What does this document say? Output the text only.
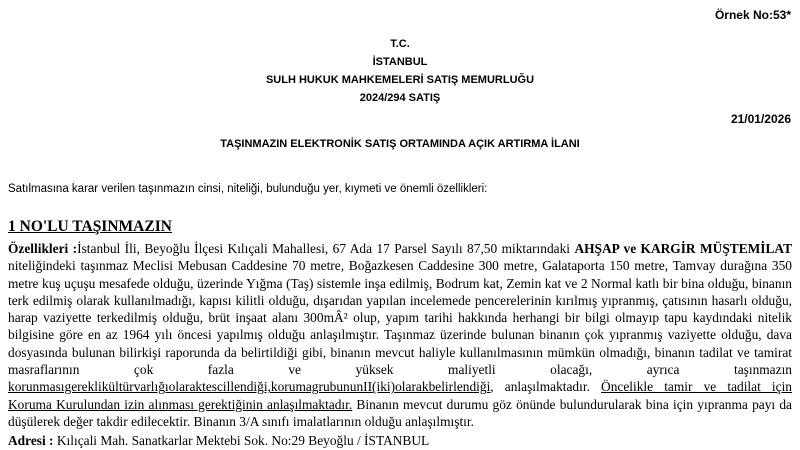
Örnek No:53*
T.C.
İSTANBUL
SULH HUKUK MAHKEMELERİ SATIŞ MEMURLUĞU
2024/294 SATIŞ
21/01/2026
TAŞINMAZIN ELEKTRONİK SATIŞ ORTAMINDA AÇIK ARTIRMA İLANI
Satılmasına karar verilen taşınmazın cinsi, niteliği, bulunduğu yer, kıymeti ve önemli özellikleri:
1 NO'LU TAŞINMAZIN

Özellikleri :İstanbul İli, Beyoğlu İlçesi Kılıçali Mahallesi, 67 Ada 17 Parsel Sayılı 87,50 miktarındaki AHŞAP ve KARGİR MÜŞTEMİLAT niteliğindeki taşınmaz Meclisi Mebusan Caddesine 70 metre, Boğazkesen Caddesine 300 metre, Galataporta 150 metre, Tamvay durağına 350 metre kuş uçuşu mesafede olduğu, üzerinde Yığma (Taş) sistemle inşa edilmiş, Bodrum kat, Zemin kat ve 2 Normal katlı bir bina olduğu, binanın terk edilmiş olarak kullanılmadığı, kapısı kilitli olduğu, dışarıdan yapılan incelemede pencerelerinin kırılmış yıpranmış, çatısının hasarlı olduğu, harap vaziyette terkedilmiş olduğu, brüt inşaat alanı 300mÂ² olup, yapım tarihi hakkında herhangi bir bilgi olmayıp tapu kaydındaki nitelik bilgisine göre en az 1964 yılı öncesi yapılmış olduğu anlaşılmıştır. Taşınmaz üzerinde bulunan binanın çok yıpranmış vaziyette olduğu, dava dosyasında bulunan bilirkişi raporunda da belirtildiği gibi, binanın mevcut haliyle kullanılmasının mümkün olmadığı, binanın tadilat ve tamirat masraflarının çok fazla ve yüksek maliyetli olacağı, ayrıca taşınmazın korunmasıgereklikültürvarlığıolaraktescillendiği,korumagrubununII(iki)olarakbelirlendiği, anlaşılmaktadır. Öncelikle tamir ve tadilat için Koruma Kurulundan izin alınması gerektiğinin anlaşılmaktadır. Binanın mevcut durumu göz önünde bulundurularak bina için yıpranma payı da düşülerek değer takdir edilecektir. Binanın 3/A sınıfı imalatlarının olduğu anlaşılmıştır.

Adresi : Kılıçali Mah. Sanatkarlar Mektebi Sok. No:29 Beyoğlu / İSTANBUL
